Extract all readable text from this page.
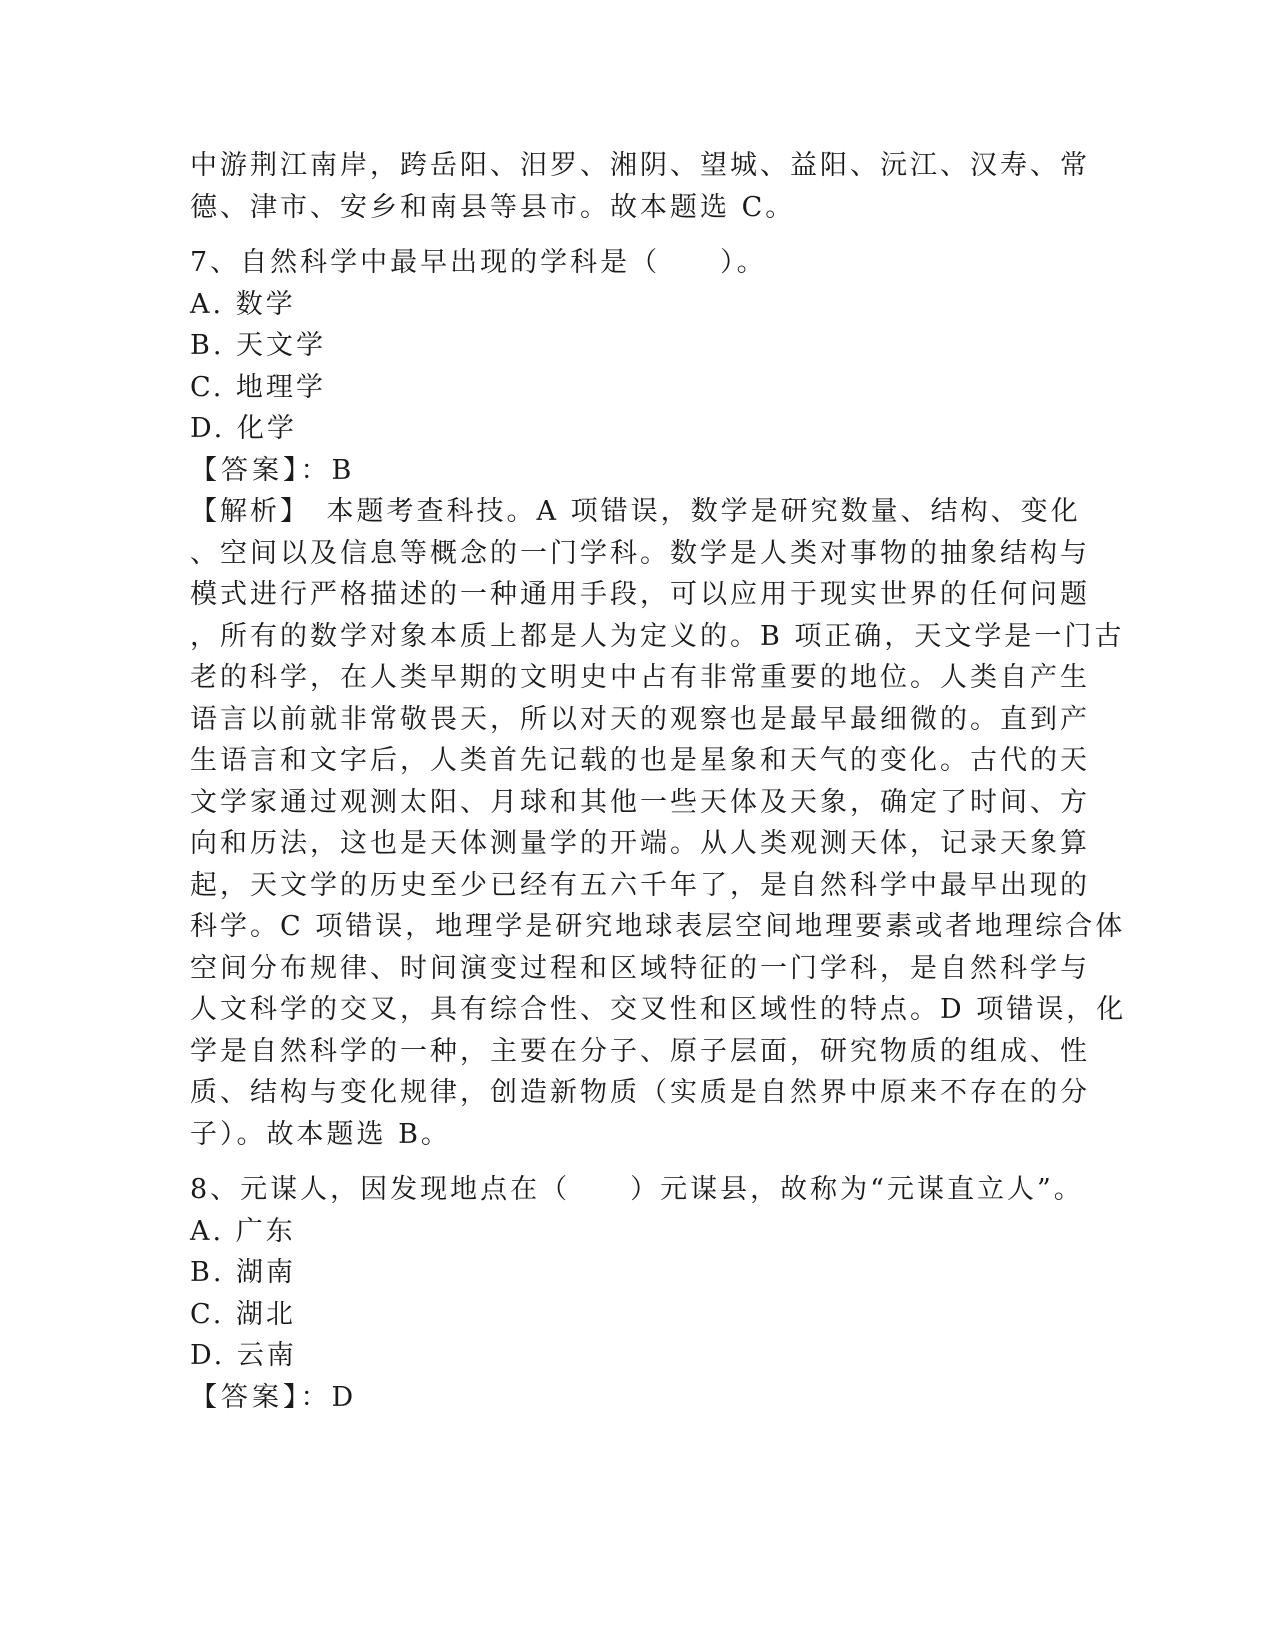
中游荆江南岸，跨岳阳、汨罗、湘阴、望城、益阳、沅江、汉寿、常
德、津市、安乡和南县等县市。故本题选 C。
7、自然科学中最早出现的学科是（　　）。
A. 数学
B. 天文学
C. 地理学
D. 化学
【答案】：B
【解析】　本题考查科技。A 项错误，数学是研究数量、结构、变化
、空间以及信息等概念的一门学科。数学是人类对事物的抽象结构与
模式进行严格描述的一种通用手段，可以应用于现实世界的任何问题
，所有的数学对象本质上都是人为定义的。B 项正确，天文学是一门古
老的科学，在人类早期的文明史中占有非常重要的地位。人类自产生
语言以前就非常敬畏天，所以对天的观察也是最早最细微的。直到产
生语言和文字后，人类首先记载的也是星象和天气的变化。古代的天
文学家通过观测太阳、月球和其他一些天体及天象，确定了时间、方
向和历法，这也是天体测量学的开端。从人类观测天体，记录天象算
起，天文学的历史至少已经有五六千年了，是自然科学中最早出现的
科学。C 项错误，地理学是研究地球表层空间地理要素或者地理综合体
空间分布规律、时间演变过程和区域特征的一门学科，是自然科学与
人文科学的交叉，具有综合性、交叉性和区域性的特点。D 项错误，化
学是自然科学的一种，主要在分子、原子层面，研究物质的组成、性
质、结构与变化规律，创造新物质（实质是自然界中原来不存在的分
子）。故本题选 B。
8、元谋人，因发现地点在（　　）元谋县，故称为“元谋直立人”。
A. 广东
B. 湖南
C. 湖北
D. 云南
【答案】：D
